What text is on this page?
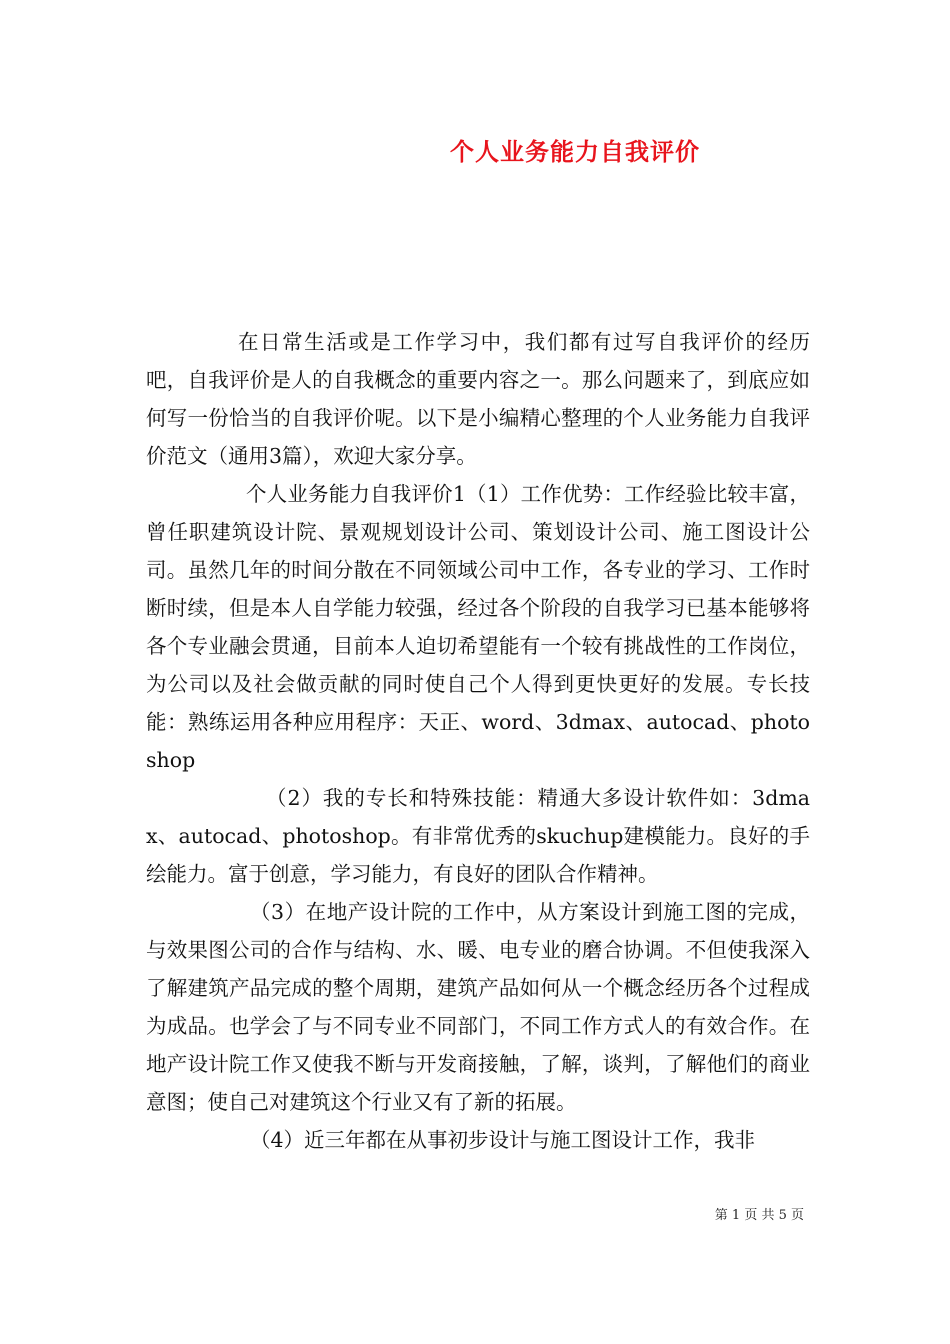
个人业务能力自我评价

在日常生活或是工作学习中，我们都有过写自我评价的经历吧，自我评价是人的自我概念的重要内容之一。那么问题来了，到底应如何写一份恰当的自我评价呢。以下是小编精心整理的个人业务能力自我评价范文（通用3篇），欢迎大家分享。

个人业务能力自我评价1（1）工作优势：工作经验比较丰富，曾任职建筑设计院、景观规划设计公司、策划设计公司、施工图设计公司。虽然几年的时间分散在不同领域公司中工作，各专业的学习、工作时断时续，但是本人自学能力较强，经过各个阶段的自我学习已基本能够将各个专业融会贯通，目前本人迫切希望能有一个较有挑战性的工作岗位，为公司以及社会做贡献的同时使自己个人得到更快更好的发展。专长技能：熟练运用各种应用程序：天正、word、3dmax、autocad、photoshop

（2）我的专长和特殊技能：精通大多设计软件如：3dmax、autocad、photoshop。有非常优秀的skuchup建模能力。良好的手绘能力。富于创意，学习能力，有良好的团队合作精神。

（3）在地产设计院的工作中，从方案设计到施工图的完成，与效果图公司的合作与结构、水、暖、电专业的磨合协调。不但使我深入了解建筑产品完成的整个周期，建筑产品如何从一个概念经历各个过程成为成品。也学会了与不同专业不同部门，不同工作方式人的有效合作。在地产设计院工作又使我不断与开发商接触，了解，谈判，了解他们的商业意图；使自己对建筑这个行业又有了新的拓展。

（4）近三年都在从事初步设计与施工图设计工作，我非

第 1 页 共 5 页
